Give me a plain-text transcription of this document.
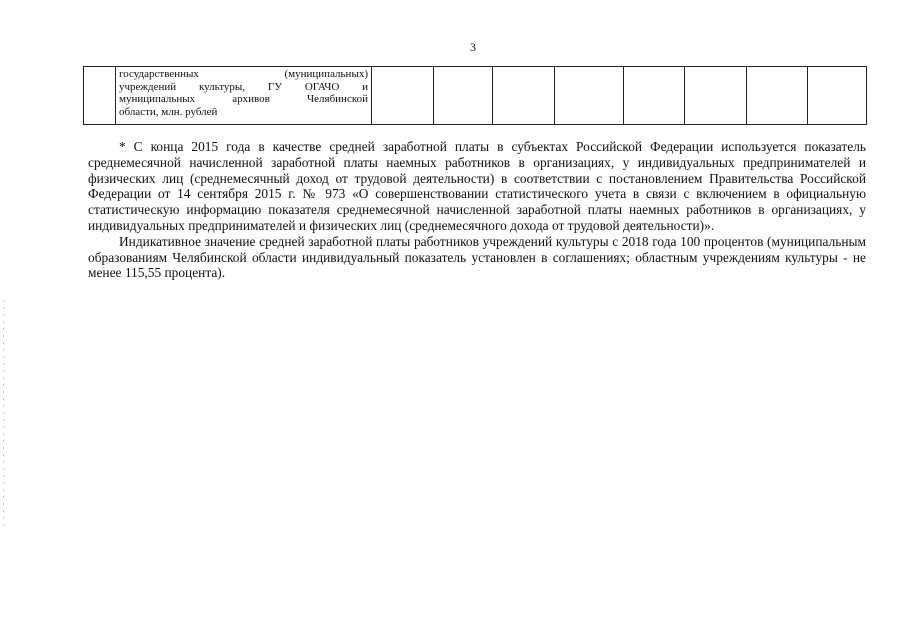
3

государственных (муниципальных)
учреждений культуры, ГУ ОГАЧО и
муниципальных архивов Челябинской
области, млн. рублей

* С конца 2015 года в качестве средней заработной платы в субъектах Российской Федерации используется показатель среднемесячной начисленной заработной платы наемных работников в организациях, у индивидуальных предпринимателей и физических лиц (среднемесячный доход от трудовой деятельности) в соответствии с постановлением Правительства Российской Федерации от 14 сентября 2015 г. № 973 «О совершенствовании статистического учета в связи с включением в официальную статистическую информацию показателя среднемесячной начисленной заработной платы наемных работников в организациях, у индивидуальных предпринимателей и физических лиц (среднемесячного дохода от трудовой деятельности)».

Индикативное значение средней заработной платы работников учреждений культуры с 2018 года 100 процентов (муниципальным образованиям Челябинской области индивидуальный показатель установлен в соглашениях; областным учреждениям культуры - не менее 115,55 процента).
